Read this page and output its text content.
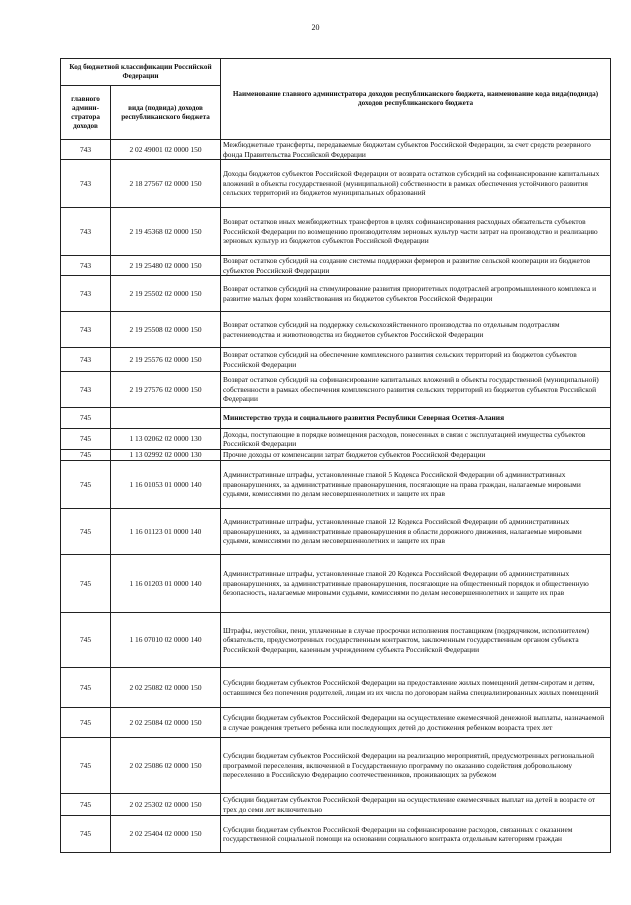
20
Код бюджетной классификации Российской Федерации		Наименование главного администратора доходов республиканского бюджета, наименование кода вида(подвида) доходов республиканского бюджета
главного админи-стратора доходов	вида (подвида) доходов республиканского бюджета	
743	2 02 49001 02 0000 150	Межбюджетные трансферты, передаваемые бюджетам субъектов Российской Федерации, за счет средств резервного фонда Правительства Российской Федерации
743	2 18 27567 02 0000 150	Доходы бюджетов субъектов Российской Федерации от возврата остатков субсидий на софинансирование капитальных вложений в объекты государственной (муниципальной) собственности в рамках обеспечения устойчивого развития сельских территорий из бюджетов муниципальных образований
743	2 19 45368 02 0000 150	Возврат остатков иных межбюджетных трансфертов в целях софинансирования расходных обязательств субъектов Российской Федерации по возмещению производителям зерновых культур части затрат на производство и реализацию зерновых культур из бюджетов субъектов Российской Федерации
743	2 19 25480 02 0000 150	Возврат остатков субсидий на создание системы поддержки фермеров и развитие сельской кооперации из бюджетов субъектов Российской Федерации
743	2 19 25502 02 0000 150	Возврат остатков субсидий на стимулирование развития приоритетных подотраслей агропромышленного комплекса и развитие малых форм хозяйствования из бюджетов субъектов Российской Федерации
743	2 19 25508 02 0000 150	Возврат остатков субсидий на поддержку сельскохозяйственного производства по отдельным подотраслям растениеводства и животноводства из бюджетов субъектов Российской Федерации
743	2 19 25576 02 0000 150	Возврат остатков субсидий на обеспечение комплексного развития сельских территорий из бюджетов субъектов Российской Федерации
743	2 19 27576 02 0000 150	Возврат остатков субсидий на софинансирование капитальных вложений в объекты государственной (муниципальной) собственности в рамках обеспечения комплексного развития сельских территорий из бюджетов субъектов Российской Федерации
745		Министерство труда и социального развития Республики Северная Осетия-Алания
745	1 13 02062 02 0000 130	Доходы, поступающие в порядке возмещения расходов, понесенных в связи с эксплуатацией имущества субъектов Российской Федерации
745	1 13 02992 02 0000 130	Прочие доходы от компенсации затрат бюджетов субъектов Российской Федерации
745	1 16 01053 01 0000 140	Административные штрафы, установленные главой 5 Кодекса Российской Федерации об административных правонарушениях, за административные правонарушения, посягающие на права граждан, налагаемые мировыми судьями, комиссиями по делам несовершеннолетних и защите их прав
745	1 16 01123 01 0000 140	Административные штрафы, установленные главой 12 Кодекса Российской Федерации об административных правонарушениях, за административные правонарушения в области дорожного движения, налагаемые мировыми судьями, комиссиями по делам несовершеннолетних и защите их прав
745	1 16 01203 01 0000 140	Административные штрафы, установленные главой 20 Кодекса Российской Федерации об административных правонарушениях, за административные правонарушения, посягающие на общественный порядок и общественную безопасность, налагаемые мировыми судьями, комиссиями по делам несовершеннолетних и защите их прав
745	1 16 07010 02 0000 140	Штрафы, неустойки, пени, уплаченные в случае просрочки исполнения поставщиком (подрядчиком, исполнителем) обязательств, предусмотренных государственным контрактом, заключенным государственным органом субъекта Российской Федерации, казенным учреждением субъекта Российской Федерации
745	2 02 25082 02 0000 150	Субсидии бюджетам субъектов Российской Федерации на предоставление жилых помещений детям-сиротам и детям, оставшимся без попечения родителей, лицам из их числа по договорам найма специализированных жилых помещений
745	2 02 25084 02 0000 150	Субсидии бюджетам субъектов Российской Федерации на осуществление ежемесячной денежной выплаты, назначаемой в случае рождения третьего ребенка или последующих детей до достижения ребенком возраста трех лет
745	2 02 25086 02 0000 150	Субсидии бюджетам субъектов Российской Федерации на реализацию мероприятий, предусмотренных региональной программой переселения, включенной в Государственную программу по оказанию содействия добровольному переселению в Российскую Федерацию соотечественников, проживающих за рубежом
745	2 02 25302 02 0000 150	Субсидии бюджетам субъектов Российской Федерации на осуществление ежемесячных выплат на детей в возрасте от трех до семи лет включительно
745	2 02 25404 02 0000 150	Субсидии бюджетам субъектов Российской Федерации на софинансирование расходов, связанных с оказанием государственной социальной помощи на основании социального контракта отдельным категориям граждан
